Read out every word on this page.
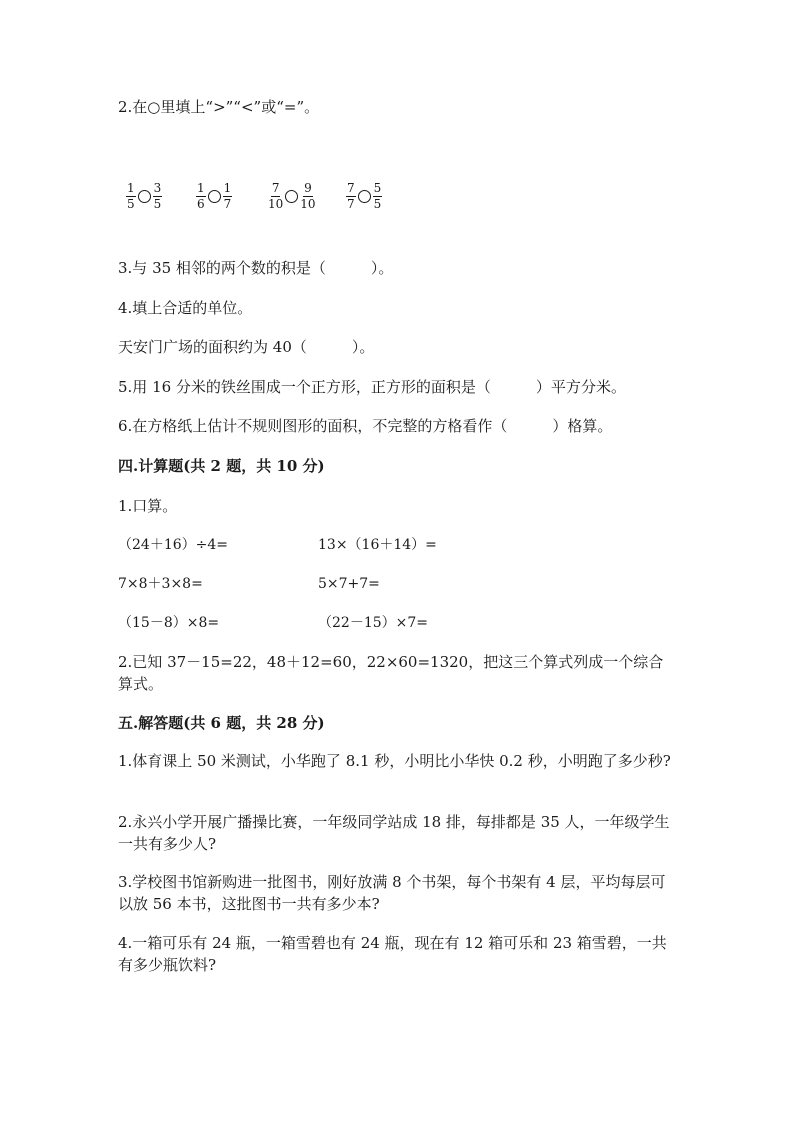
2.在○里填上“>”“<”或“=”。
$\frac{1}{5} \frac{3}{5}$	$\frac{1}{6} \frac{1}{7}$	$\frac{7}{10} \frac{9}{10}$	$\frac{7}{7} \frac{5}{5}$
3.与 35 相邻的两个数的积是（　　　）。
4.填上合适的单位。
天安门广场的面积约为 40（　　　）。
5.用 16 分米的铁丝围成一个正方形，正方形的面积是（　　　）平方分米。
6.在方格纸上估计不规则图形的面积，不完整的方格看作（　　　）格算。
四.计算题(共 2 题，共 10 分)
1.口算。
（24＋16）÷4=	13×（16＋14）=
7×8＋3×8=	5×7+7=
（15－8）×8=	（22－15）×7=
2.已知 37－15=22，48＋12=60，22×60=1320，把这三个算式列成一个综合算式。
五.解答题(共 6 题，共 28 分)
1.体育课上 50 米测试，小华跑了 8.1 秒，小明比小华快 0.2 秒，小明跑了多少秒?
2.永兴小学开展广播操比赛，一年级同学站成 18 排，每排都是 35 人，一年级学生一共有多少人?
3.学校图书馆新购进一批图书，刚好放满 8 个书架，每个书架有 4 层，平均每层可以放 56 本书，这批图书一共有多少本?
4.一箱可乐有 24 瓶，一箱雪碧也有 24 瓶，现在有 12 箱可乐和 23 箱雪碧，一共有多少瓶饮料?
